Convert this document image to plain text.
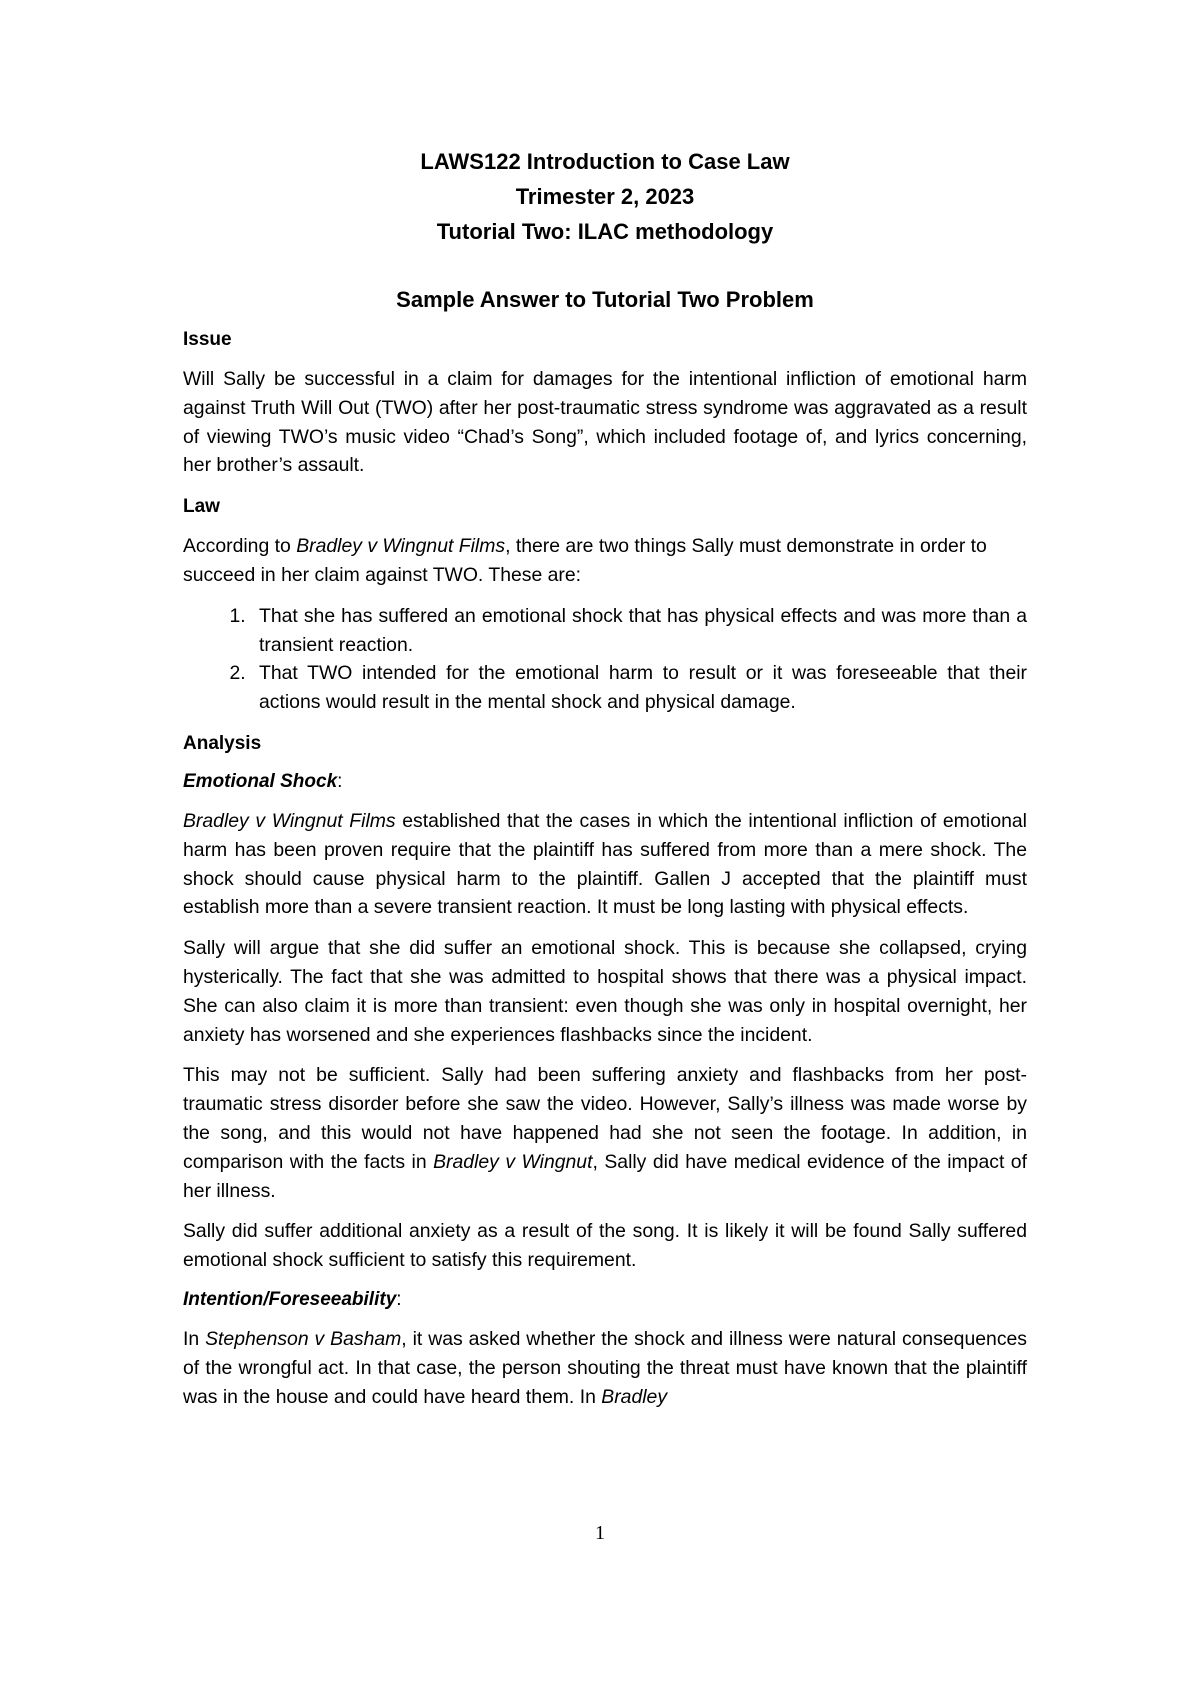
LAWS122 Introduction to Case Law
Trimester 2, 2023
Tutorial Two: ILAC methodology
Sample Answer to Tutorial Two Problem
Issue

Will Sally be successful in a claim for damages for the intentional infliction of emotional harm against Truth Will Out (TWO) after her post-traumatic stress syndrome was aggravated as a result of viewing TWO’s music video “Chad’s Song”, which included footage of, and lyrics concerning, her brother’s assault.

Law

According to Bradley v Wingnut Films, there are two things Sally must demonstrate in order to succeed in her claim against TWO. These are:

1. That she has suffered an emotional shock that has physical effects and was more than a transient reaction.
2. That TWO intended for the emotional harm to result or it was foreseeable that their actions would result in the mental shock and physical damage.
Analysis
Emotional Shock:

Bradley v Wingnut Films established that the cases in which the intentional infliction of emotional harm has been proven require that the plaintiff has suffered from more than a mere shock. The shock should cause physical harm to the plaintiff. Gallen J accepted that the plaintiff must establish more than a severe transient reaction. It must be long lasting with physical effects.

Sally will argue that she did suffer an emotional shock. This is because she collapsed, crying hysterically. The fact that she was admitted to hospital shows that there was a physical impact. She can also claim it is more than transient: even though she was only in hospital overnight, her anxiety has worsened and she experiences flashbacks since the incident.

This may not be sufficient. Sally had been suffering anxiety and flashbacks from her post-traumatic stress disorder before she saw the video. However, Sally’s illness was made worse by the song, and this would not have happened had she not seen the footage. In addition, in comparison with the facts in Bradley v Wingnut, Sally did have medical evidence of the impact of her illness.

Sally did suffer additional anxiety as a result of the song. It is likely it will be found Sally suffered emotional shock sufficient to satisfy this requirement.

Intention/Foreseeability:

In Stephenson v Basham, it was asked whether the shock and illness were natural consequences of the wrongful act. In that case, the person shouting the threat must have known that the plaintiff was in the house and could have heard them. In Bradley

1
